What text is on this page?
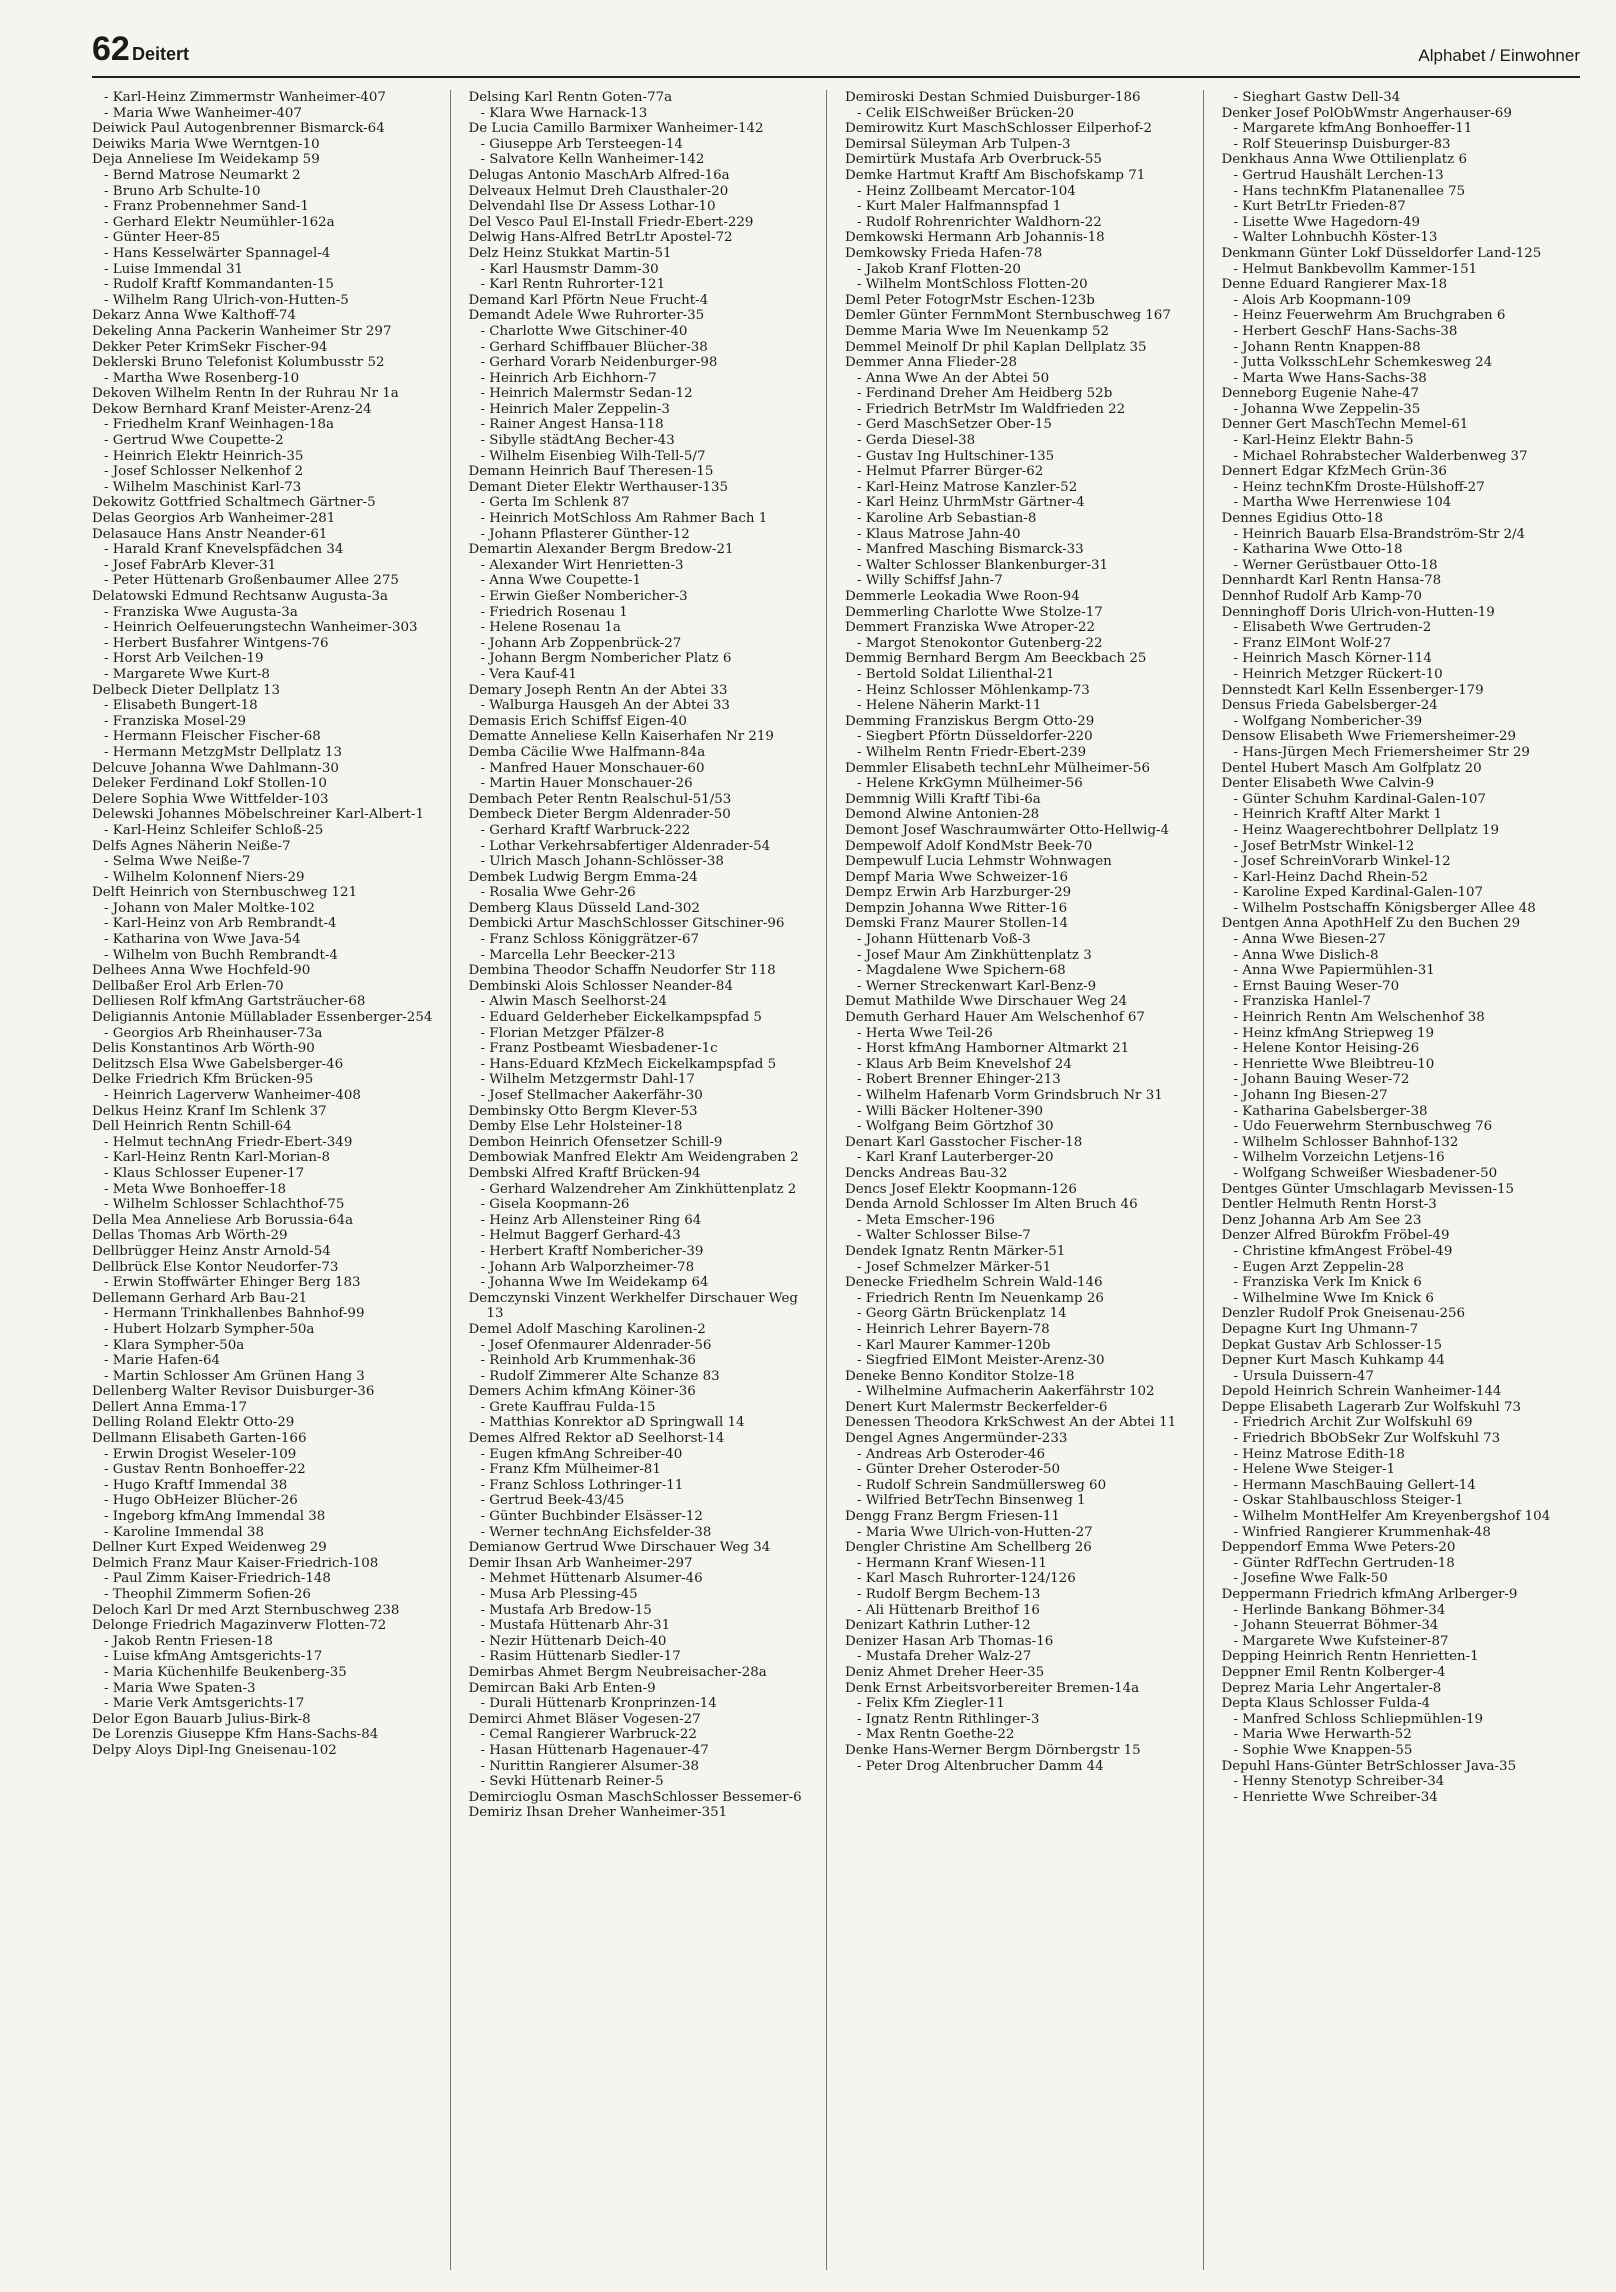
62 Deitert	Alphabet / Einwohner
- Karl-Heinz Zimmermstr Wanheimer-407
- Maria Wwe Wanheimer-407
Deiwick Paul Autogenbrenner Bismarck-64
Deiwiks Maria Wwe Werntgen-10
Deja Anneliese Im Weidekamp 59
- Bernd Matrose Neumarkt 2
- Bruno Arb Schulte-10
- Franz Probennehmer Sand-1
- Gerhard Elektr Neumühler-162a
- Günter Heer-85
- Hans Kesselwärter Spannagel-4
- Luise Immendal 31
- Rudolf Kraftf Kommandanten-15
- Wilhelm Rang Ulrich-von-Hutten-5
Dekarz Anna Wwe Kalthoff-74
Dekeling Anna Packerin Wanheimer Str 297
Dekker Peter KrimSekr Fischer-94
Deklerski Bruno Telefonist Kolumbusstr 52
- Martha Wwe Rosenberg-10
Dekoven Wilhelm Rentn In der Ruhrau Nr 1a
Dekow Bernhard Kranf Meister-Arenz-24
- Friedhelm Kranf Weinhagen-18a
- Gertrud Wwe Coupette-2
- Heinrich Elektr Heinrich-35
- Josef Schlosser Nelkenhof 2
- Wilhelm Maschinist Karl-73
Dekowitz Gottfried Schaltmech Gärtner-5
Delas Georgios Arb Wanheimer-281
Delasauce Hans Anstr Neander-61
- Harald Kranf Knevelspfädchen 34
- Josef FabrArb Klever-31
- Peter Hüttenarb Großenbaumer Allee 275
Delatowski Edmund Rechtsanw Augusta-3a
- Franziska Wwe Augusta-3a
- Heinrich Oelfeuerungstechn Wanheimer-303
- Herbert Busfahrer Wintgens-76
- Horst Arb Veilchen-19
- Margarete Wwe Kurt-8
Delbeck Dieter Dellplatz 13
- Elisabeth Bungert-18
- Franziska Mosel-29
- Hermann Fleischer Fischer-68
- Hermann MetzgMstr Dellplatz 13
Delcuve Johanna Wwe Dahlmann-30
Deleker Ferdinand Lokf Stollen-10
Delere Sophia Wwe Wittfelder-103
Delewski Johannes Möbelschreiner Karl-Albert-1
- Karl-Heinz Schleifer Schloß-25
Delfs Agnes Näherin Neiße-7
- Selma Wwe Neiße-7
- Wilhelm Kolonnenf Niers-29
Delft Heinrich von Sternbuschweg 121
- Johann von Maler Moltke-102
- Karl-Heinz von Arb Rembrandt-4
- Katharina von Wwe Java-54
- Wilhelm von Buchh Rembrandt-4
Delhees Anna Wwe Hochfeld-90
Dellbaßer Erol Arb Erlen-70
Delliesen Rolf kfmAng Gartsträucher-68
Deligiannis Antonie Müllablader Essenberger-254
- Georgios Arb Rheinhauser-73a
Delis Konstantinos Arb Wörth-90
Delitzsch Elsa Wwe Gabelsberger-46
Delke Friedrich Kfm Brücken-95
- Heinrich Lagerverw Wanheimer-408
Delkus Heinz Kranf Im Schlenk 37
Dell Heinrich Rentn Schill-64
- Helmut technAng Friedr-Ebert-349
- Karl-Heinz Rentn Karl-Morian-8
- Klaus Schlosser Eupener-17
- Meta Wwe Bonhoeffer-18
- Wilhelm Schlosser Schlachthof-75
Della Mea Anneliese Arb Borussia-64a
Dellas Thomas Arb Wörth-29
Dellbrügger Heinz Anstr Arnold-54
Dellbrück Else Kontor Neudorfer-73
- Erwin Stoffwärter Ehinger Berg 183
Dellemann Gerhard Arb Bau-21
- Hermann Trinkhallenbes Bahnhof-99
- Hubert Holzarb Sympher-50a
- Klara Sympher-50a
- Marie Hafen-64
- Martin Schlosser Am Grünen Hang 3
Dellenberg Walter Revisor Duisburger-36
Dellert Anna Emma-17
Delling Roland Elektr Otto-29
Dellmann Elisabeth Garten-166
- Erwin Drogist Weseler-109
- Gustav Rentn Bonhoeffer-22
- Hugo Kraftf Immendal 38
- Hugo ObHeizer Blücher-26
- Ingeborg kfmAng Immendal 38
- Karoline Immendal 38
Dellner Kurt Exped Weidenweg 29
Delmich Franz Maur Kaiser-Friedrich-108
- Paul Zimm Kaiser-Friedrich-148
- Theophil Zimmerm Sofien-26
Deloch Karl Dr med Arzt Sternbuschweg 238
Delonge Friedrich Magazinverw Flotten-72
- Jakob Rentn Friesen-18
- Luise kfmAng Amtsgerichts-17
- Maria Küchenhilfe Beukenberg-35
- Maria Wwe Spaten-3
- Marie Verk Amtsgerichts-17
Delor Egon Bauarb Julius-Birk-8
De Lorenzis Giuseppe Kfm Hans-Sachs-84
Delpy Aloys Dipl-Ing Gneisenau-102
Delsing Karl Rentn Goten-77a
- Klara Wwe Harnack-13
De Lucia Camillo Barmixer Wanheimer-142
- Giuseppe Arb Tersteegen-14
- Salvatore Kelln Wanheimer-142
Delugas Antonio MaschArb Alfred-16a
Delveaux Helmut Dreh Clausthaler-20
Delvendahl Ilse Dr Assess Lothar-10
Del Vesco Paul El-Install Friedr-Ebert-229
Delwig Hans-Alfred BetrLtr Apostel-72
Delz Heinz Stukkat Martin-51
- Karl Hausmstr Damm-30
- Karl Rentn Ruhrorter-121
Demand Karl Pförtn Neue Frucht-4
Demandt Adele Wwe Ruhrorter-35
- Charlotte Wwe Gitschiner-40
- Gerhard Schiffbauer Blücher-38
- Gerhard Vorarb Neidenburger-98
- Heinrich Arb Eichhorn-7
- Heinrich Malermstr Sedan-12
- Heinrich Maler Zeppelin-3
- Rainer Angest Hansa-118
- Sibylle städtAng Becher-43
- Wilhelm Eisenbieg Wilh-Tell-5/7
Demann Heinrich Bauf Theresen-15
Demant Dieter Elektr Werthauser-135
- Gerta Im Schlenk 87
- Heinrich MotSchloss Am Rahmer Bach 1
- Johann Pflasterer Günther-12
Demartin Alexander Bergm Bredow-21
- Alexander Wirt Henrietten-3
- Anna Wwe Coupette-1
- Erwin Gießer Nombericher-3
- Friedrich Rosenau 1
- Helene Rosenau 1a
- Johann Arb Zoppenbrück-27
- Johann Bergm Nombericher Platz 6
- Vera Kauf-41
Demary Joseph Rentn An der Abtei 33
- Walburga Hausgeh An der Abtei 33
Demasis Erich Schiffsf Eigen-40
Dematte Anneliese Kelln Kaiserhafen Nr 219
Demba Cäcilie Wwe Halfmann-84a
- Manfred Hauer Monschauer-60
- Martin Hauer Monschauer-26
Dembach Peter Rentn Realschul-51/53
Dembeck Dieter Bergm Aldenrader-50
- Gerhard Kraftf Warbruck-222
- Lothar Verkehrsabfertiger Aldenrader-54
- Ulrich Masch Johann-Schlösser-38
Dembek Ludwig Bergm Emma-24
- Rosalia Wwe Gehr-26
Demberg Klaus Düsseld Land-302
Dembicki Artur MaschSchlosser Gitschiner-96
- Franz Schloss Königgrätzer-67
- Marcella Lehr Beecker-213
Dembina Theodor Schaffn Neudorfer Str 118
Dembinski Alois Schlosser Neander-84
- Alwin Masch Seelhorst-24
- Eduard Gelderheber Eickelkampspfad 5
- Florian Metzger Pfälzer-8
- Franz Postbeamt Wiesbadener-1c
- Hans-Eduard KfzMech Eickelkampspfad 5
- Wilhelm Metzgermstr Dahl-17
- Josef Stellmacher Aakerfähr-30
Dembinsky Otto Bergm Klever-53
Demby Else Lehr Holsteiner-18
Dembon Heinrich Ofensetzer Schill-9
Dembowiak Manfred Elektr Am Weidengraben 2
Dembski Alfred Kraftf Brücken-94
- Gerhard Walzendreher Am Zinkhüttenplatz 2
- Gisela Koopmann-26
- Heinz Arb Allensteiner Ring 64
- Helmut Baggerf Gerhard-43
- Herbert Kraftf Nombericher-39
- Johann Arb Walporzheimer-78
- Johanna Wwe Im Weidekamp 64
Demczynski Vinzent Werkhelfer Dirschauer Weg 13
Demel Adolf Masching Karolinen-2
- Josef Ofenmaurer Aldenrader-56
- Reinhold Arb Krummenhak-36
- Rudolf Zimmerer Alte Schanze 83
Demers Achim kfmAng Köiner-36
- Grete Kauffrau Fulda-15
- Matthias Konrektor aD Springwall 14
Demes Alfred Rektor aD Seelhorst-14
- Eugen kfmAng Schreiber-40
- Franz Kfm Mülheimer-81
- Franz Schloss Lothringer-11
- Gertrud Beek-43/45
- Günter Buchbinder Elsässer-12
- Werner technAng Eichsfelder-38
Demianow Gertrud Wwe Dirschauer Weg 34
Demir Ihsan Arb Wanheimer-297
- Mehmet Hüttenarb Alsumer-46
- Musa Arb Plessing-45
- Mustafa Arb Bredow-15
- Mustafa Hüttenarb Ahr-31
- Nezir Hüttenarb Deich-40
- Rasim Hüttenarb Siedler-17
Demirbas Ahmet Bergm Neubreisacher-28a
Demircan Baki Arb Enten-9
- Durali Hüttenarb Kronprinzen-14
Demirci Ahmet Bläser Vogesen-27
- Cemal Rangierer Warbruck-22
- Hasan Hüttenarb Hagenauer-47
- Nurittin Rangierer Alsumer-38
- Sevki Hüttenarb Reiner-5
Demircioglu Osman MaschSchlosser Bessemer-6
Demiriz Ihsan Dreher Wanheimer-351
Demiroski Destan Schmied Duisburger-186
- Celik ElSchweißer Brücken-20
Demirowitz Kurt MaschSchlosser Eilperhof-2
Demirsal Süleyman Arb Tulpen-3
Demirtürk Mustafa Arb Overbruck-55
Demke Hartmut Kraftf Am Bischofskamp 71
- Heinz Zollbeamt Mercator-104
- Kurt Maler Halfmannspfad 1
- Rudolf Rohrenrichter Waldhorn-22
Demkowski Hermann Arb Johannis-18
Demkowsky Frieda Hafen-78
- Jakob Kranf Flotten-20
- Wilhelm MontSchloss Flotten-20
Deml Peter FotogrMstr Eschen-123b
Demler Günter FernmMont Sternbuschweg 167
Demme Maria Wwe Im Neuenkamp 52
Demmel Meinolf Dr phil Kaplan Dellplatz 35
Demmer Anna Flieder-28
- Anna Wwe An der Abtei 50
- Ferdinand Dreher Am Heidberg 52b
- Friedrich BetrMstr Im Waldfrieden 22
- Gerd MaschSetzer Ober-15
- Gerda Diesel-38
- Gustav Ing Hultschiner-135
- Helmut Pfarrer Bürger-62
- Karl-Heinz Matrose Kanzler-52
- Karl Heinz UhrmMstr Gärtner-4
- Karoline Arb Sebastian-8
- Klaus Matrose Jahn-40
- Manfred Masching Bismarck-33
- Walter Schlosser Blankenburger-31
- Willy Schiffsf Jahn-7
Demmerle Leokadia Wwe Roon-94
Demmerling Charlotte Wwe Stolze-17
Demmert Franziska Wwe Atroper-22
- Margot Stenokontor Gutenberg-22
Demmig Bernhard Bergm Am Beeckbach 25
- Bertold Soldat Lilienthal-21
- Heinz Schlosser Möhlenkamp-73
- Helene Näherin Markt-11
Demming Franziskus Bergm Otto-29
- Siegbert Pförtn Düsseldorfer-220
- Wilhelm Rentn Friedr-Ebert-239
Demmler Elisabeth technLehr Mülheimer-56
- Helene KrkGymn Mülheimer-56
Demmnig Willi Kraftf Tibi-6a
Demond Alwine Antonien-28
Demont Josef Waschraumwärter Otto-Hellwig-4
Dempewolf Adolf KondMstr Beek-70
Dempewulf Lucia Lehmstr Wohnwagen
Dempf Maria Wwe Schweizer-16
Dempz Erwin Arb Harzburger-29
Dempzin Johanna Wwe Ritter-16
Demski Franz Maurer Stollen-14
- Johann Hüttenarb Voß-3
- Josef Maur Am Zinkhüttenplatz 3
- Magdalene Wwe Spichern-68
- Werner Streckenwart Karl-Benz-9
Demut Mathilde Wwe Dirschauer Weg 24
Demuth Gerhard Hauer Am Welschenhof 67
- Herta Wwe Teil-26
- Horst kfmAng Hamborner Altmarkt 21
- Klaus Arb Beim Knevelshof 24
- Robert Brenner Ehinger-213
- Wilhelm Hafenarb Vorm Grindsbruch Nr 31
- Willi Bäcker Holtener-390
- Wolfgang Beim Görtzhof 30
Denart Karl Gasstocher Fischer-18
- Karl Kranf Lauterberger-20
Dencks Andreas Bau-32
Dencs Josef Elektr Koopmann-126
Denda Arnold Schlosser Im Alten Bruch 46
- Meta Emscher-196
- Walter Schlosser Bilse-7
Dendek Ignatz Rentn Märker-51
- Josef Schmelzer Märker-51
Denecke Friedhelm Schrein Wald-146
- Friedrich Rentn Im Neuenkamp 26
- Georg Gärtn Brückenplatz 14
- Heinrich Lehrer Bayern-78
- Karl Maurer Kammer-120b
- Siegfried ElMont Meister-Arenz-30
Deneke Benno Konditor Stolze-18
- Wilhelmine Aufmacherin Aakerfährstr 102
Denert Kurt Malermstr Beckerfelder-6
Denessen Theodora KrkSchwest An der Abtei 11
Dengel Agnes Angermünder-233
- Andreas Arb Osteroder-46
- Günter Dreher Osteroder-50
- Rudolf Schrein Sandmüllersweg 60
- Wilfried BetrTechn Binsenweg 1
Dengg Franz Bergm Friesen-11
- Maria Wwe Ulrich-von-Hutten-27
Dengler Christine Am Schellberg 26
- Hermann Kranf Wiesen-11
- Karl Masch Ruhrorter-124/126
- Rudolf Bergm Bechem-13
- Ali Hüttenarb Breithof 16
Denizart Kathrin Luther-12
Denizer Hasan Arb Thomas-16
- Mustafa Dreher Walz-27
Deniz Ahmet Dreher Heer-35
Denk Ernst Arbeitsvorbereiter Bremen-14a
- Felix Kfm Ziegler-11
- Ignatz Rentn Rithlinger-3
- Max Rentn Goethe-22
Denke Hans-Werner Bergm Dörnbergstr 15
- Peter Drog Altenbrucher Damm 44
- Sieghart Gastw Dell-34
Denker Josef PolObWmstr Angerhauser-69
- Margarete kfmAng Bonhoeffer-11
- Rolf Steuerinsp Duisburger-83
Denkhaus Anna Wwe Ottilienplatz 6
- Gertrud Haushält Lerchen-13
- Hans technKfm Platanenallee 75
- Kurt BetrLtr Frieden-87
- Lisette Wwe Hagedorn-49
- Walter Lohnbuchh Köster-13
Denkmann Günter Lokf Düsseldorfer Land-125
- Helmut Bankbevollm Kammer-151
Denne Eduard Rangierer Max-18
- Alois Arb Koopmann-109
- Heinz Feuerwehrm Am Bruchgraben 6
- Herbert GeschF Hans-Sachs-38
- Johann Rentn Knappen-88
- Jutta VolksschLehr Schemkesweg 24
- Marta Wwe Hans-Sachs-38
Denneborg Eugenie Nahe-47
- Johanna Wwe Zeppelin-35
Denner Gert MaschTechn Memel-61
- Karl-Heinz Elektr Bahn-5
- Michael Rohrabstecher Walderbenweg 37
Dennert Edgar KfzMech Grün-36
- Heinz technKfm Droste-Hülshoff-27
- Martha Wwe Herrenwiese 104
Dennes Egidius Otto-18
- Heinrich Bauarb Elsa-Brandström-Str 2/4
- Katharina Wwe Otto-18
- Werner Gerüstbauer Otto-18
Dennhardt Karl Rentn Hansa-78
Dennhof Rudolf Arb Kamp-70
Denninghoff Doris Ulrich-von-Hutten-19
- Elisabeth Wwe Gertruden-2
- Franz ElMont Wolf-27
- Heinrich Masch Körner-114
- Heinrich Metzger Rückert-10
Dennstedt Karl Kelln Essenberger-179
Densus Frieda Gabelsberger-24
- Wolfgang Nombericher-39
Densow Elisabeth Wwe Friemersheimer-29
- Hans-Jürgen Mech Friemersheimer Str 29
Dentel Hubert Masch Am Golfplatz 20
Denter Elisabeth Wwe Calvin-9
- Günter Schuhm Kardinal-Galen-107
- Heinrich Kraftf Alter Markt 1
- Heinz Waagerechtbohrer Dellplatz 19
- Josef BetrMstr Winkel-12
- Josef SchreinVorarb Winkel-12
- Karl-Heinz Dachd Rhein-52
- Karoline Exped Kardinal-Galen-107
- Wilhelm Postschaffn Königsberger Allee 48
Dentgen Anna ApothHelf Zu den Buchen 29
- Anna Wwe Biesen-27
- Anna Wwe Dislich-8
- Anna Wwe Papiermühlen-31
- Ernst Bauing Weser-70
- Franziska Hanlel-7
- Heinrich Rentn Am Welschenhof 38
- Heinz kfmAng Striepweg 19
- Helene Kontor Heising-26
- Henriette Wwe Bleibtreu-10
- Johann Bauing Weser-72
- Johann Ing Biesen-27
- Katharina Gabelsberger-38
- Udo Feuerwehrm Sternbuschweg 76
- Wilhelm Schlosser Bahnhof-132
- Wilhelm Vorzeichn Letjens-16
- Wolfgang Schweißer Wiesbadener-50
Dentges Günter Umschlagarb Mevissen-15
Dentler Helmuth Rentn Horst-3
Denz Johanna Arb Am See 23
Denzer Alfred Bürokfm Fröbel-49
- Christine kfmAngest Fröbel-49
- Eugen Arzt Zeppelin-28
- Franziska Verk Im Knick 6
- Wilhelmine Wwe Im Knick 6
Denzler Rudolf Prok Gneisenau-256
Depagne Kurt Ing Uhmann-7
Depkat Gustav Arb Schlosser-15
Depner Kurt Masch Kuhkamp 44
- Ursula Duissern-47
Depold Heinrich Schrein Wanheimer-144
Deppe Elisabeth Lagerarb Zur Wolfskuhl 73
- Friedrich Archit Zur Wolfskuhl 69
- Friedrich BbObSekr Zur Wolfskuhl 73
- Heinz Matrose Edith-18
- Helene Wwe Steiger-1
- Hermann MaschBauing Gellert-14
- Oskar Stahlbauschloss Steiger-1
- Wilhelm MontHelfer Am Kreyenbergshof 104
- Winfried Rangierer Krummenhak-48
Deppendorf Emma Wwe Peters-20
- Günter RdfTechn Gertruden-18
- Josefine Wwe Falk-50
Deppermann Friedrich kfmAng Arlberger-9
- Herlinde Bankang Böhmer-34
- Johann Steuerrat Böhmer-34
- Margarete Wwe Kufsteiner-87
Depping Heinrich Rentn Henrietten-1
Deppner Emil Rentn Kolberger-4
Deprez Maria Lehr Angertaler-8
Depta Klaus Schlosser Fulda-4
- Manfred Schloss Schliepmühlen-19
- Maria Wwe Herwarth-52
- Sophie Wwe Knappen-55
Depuhl Hans-Günter BetrSchlosser Java-35
- Henny Stenotyp Schreiber-34
- Henriette Wwe Schreiber-34
